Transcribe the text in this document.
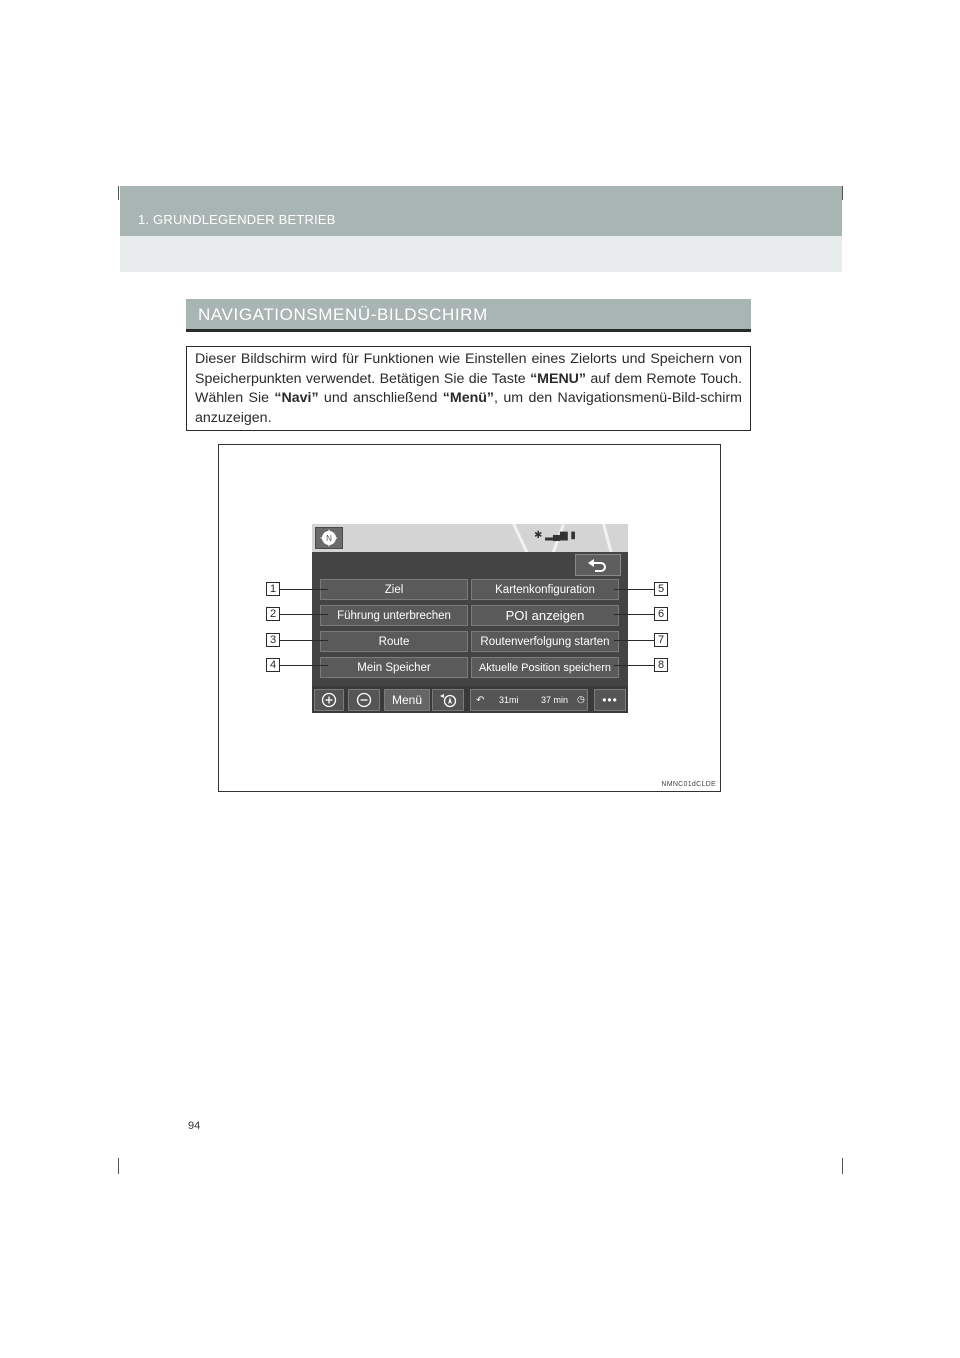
1. GRUNDLEGENDER BETRIEB
NAVIGATIONSMENÜ-BILDSCHIRM

Dieser Bildschirm wird für Funktionen wie Einstellen eines Zielorts und Speichern von Speicherpunkten verwendet. Betätigen Sie die Taste “MENU” auf dem Remote Touch. Wählen Sie “Navi” und anschließend “Menü”, um den Navigationsmenü-Bild-schirm anzuzeigen.

NMNC01dCLDE
N	✱ ▂▄▆ ▮
Ziel
Führung unterbrechen
Route
Mein Speicher
Kartenkonfiguration
POI anzeigen
Routenverfolgung starten
Aktuelle Position speichern
Menü	↶ 31mi 37 min ◷ •••
1
2
3
4
5
6
7
8
94
